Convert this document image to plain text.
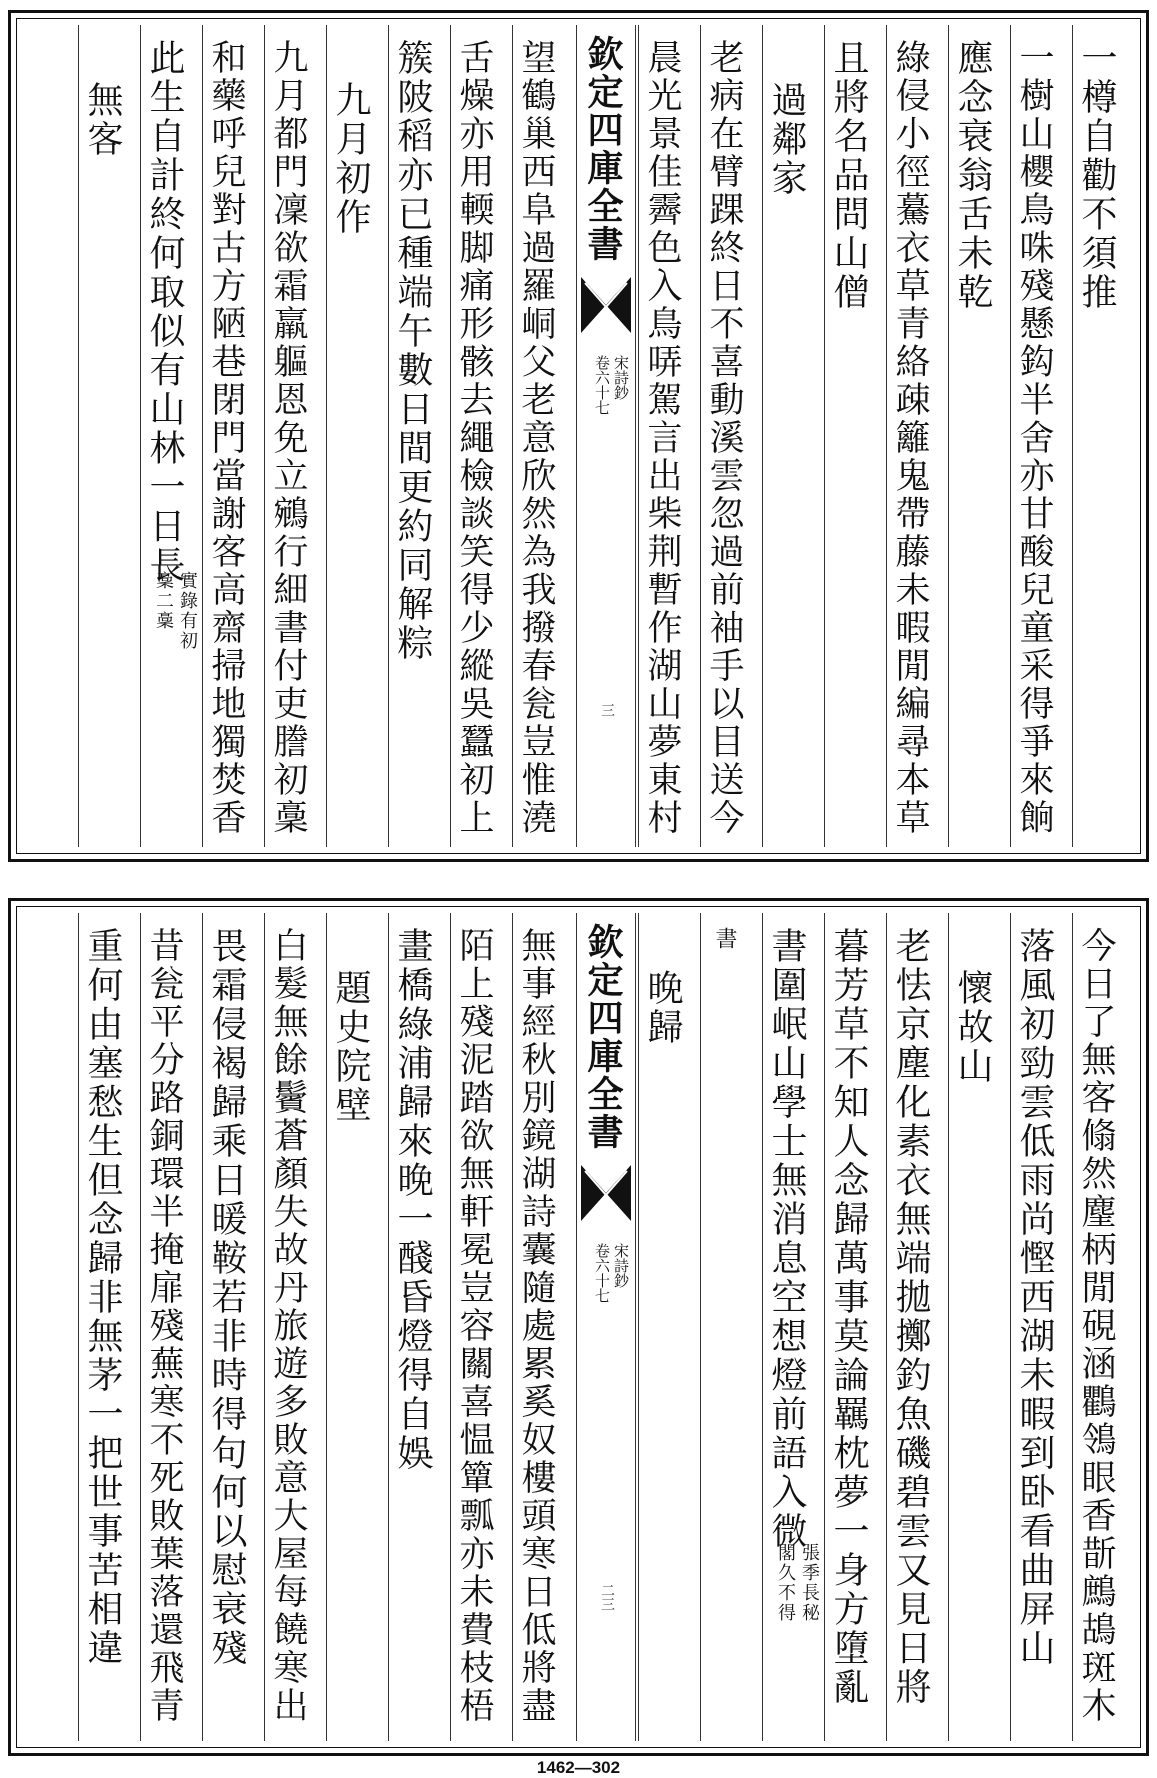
一樽自勸不須推
一樹山櫻鳥咮殘懸鈎半舍亦甘酸兒童采得爭來餉
應念衰翁舌未乾
綠侵小徑驀衣草青絡疎籬鬼帶藤未暇閒編尋本草
且將名品問山僧
過鄰家
老病在臂踝終日不喜動溪雲忽過前袖手以目送今
晨光景佳霽色入鳥哢駕言出柴荆暫作湖山夢東村
欽定四庫全書
宋詩鈔
卷六十七
三
望鶴巢西阜過羅峒父老意欣然為我撥春瓮豈惟澆
舌燥亦用輭脚痛形骸去繩檢談笑得少縱吳蠶初上
簇陂稻亦已種端午數日間更約同解粽
九月初作
九月都門凜欲霜羸軀恩免立鵷行細書付吏謄初稾
和藥呼兒對古方陋巷閉門當謝客高齋掃地獨焚香
此生自計終何取似有山林一日長
實錄有初
稾二稾
無客
今日了無客翛然麈柄閒硯涵鸜鴒眼香斮鷓鴣斑木
落風初勁雲低雨尚慳西湖未暇到卧看曲屏山
懷故山
老怯京塵化素衣無端拋擲釣魚磯碧雲又見日將
暮芳草不知人念歸萬事莫論羈枕夢一身方墮亂
書圍岷山學士無消息空想燈前語入微
張季長秘
閣久不得
書
晚歸
欽定四庫全書
宋詩鈔
卷六十七
二三
無事經秋別鏡湖詩囊隨處累奚奴樓頭寒日低將盡
陌上殘泥踏欲無軒冕豈容關喜愠簞瓢亦未費枝梧
畫橋綠浦歸來晚一醆昏燈得自娛
題史院壁
白髮無餘鬢蒼顏失故丹旅遊多敗意大屋每饒寒出
畏霜侵褐歸乘日暖鞍若非時得句何以慰衰殘
昔瓮平分路銅環半掩扉殘蕪寒不死敗葉落還飛青
重何由塞愁生但念歸非無茅一把世事苦相違
1462—302
